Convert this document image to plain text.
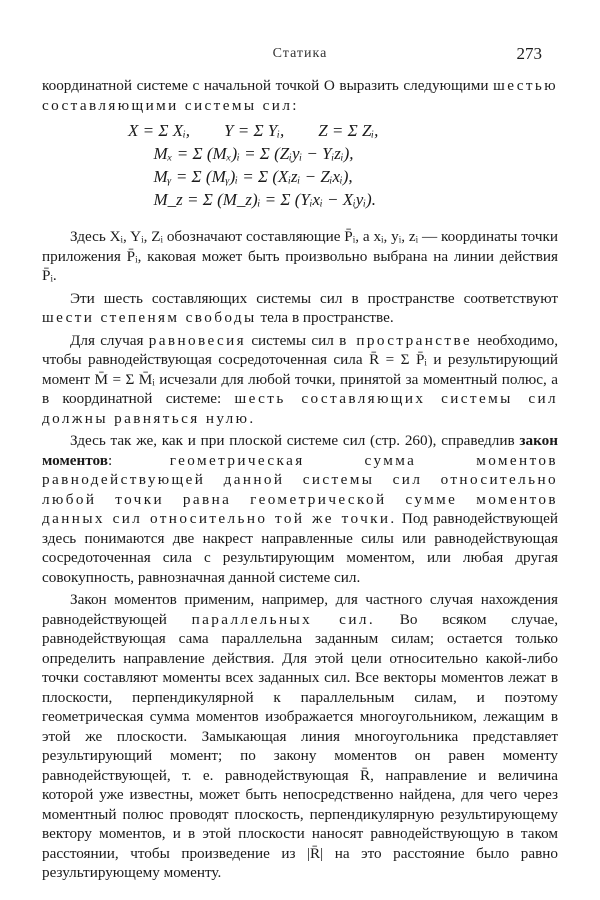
Статика	273

координатной системе с начальной точкой O выразить следующими шестью составляющими системы сил:

X = Σ Xᵢ,        Y = Σ Yᵢ,        Z = Σ Zᵢ,
Mₓ = Σ (Mₓ)ᵢ = Σ (Zᵢyᵢ − Yᵢzᵢ),
Mᵧ = Σ (Mᵧ)ᵢ = Σ (Xᵢzᵢ − Zᵢxᵢ),
M_z = Σ (M_z)ᵢ = Σ (Yᵢxᵢ − Xᵢyᵢ).

Здесь Xᵢ, Yᵢ, Zᵢ обозначают составляющие P̄ᵢ, а xᵢ, yᵢ, zᵢ — координаты точки приложения P̄ᵢ, каковая может быть произвольно выбрана на линии действия P̄ᵢ.

Эти шесть составляющих системы сил в пространстве соответствуют шести степеням свободы тела в пространстве.

Для случая равновесия системы сил в пространстве необходимо, чтобы равнодействующая сосредоточенная сила R̄ = Σ P̄ᵢ и результирующий момент M̄ = Σ M̄ᵢ исчезали для любой точки, принятой за моментный полюс, а в координатной системе: шесть составляющих системы сил должны равняться нулю.

Здесь так же, как и при плоской системе сил (стр. 260), справедлив закон моментов: геометрическая сумма моментов равнодействующей данной системы сил относительно любой точки равна геометрической сумме моментов данных сил относительно той же точки. Под равнодействующей здесь понимаются две накрест направленные силы или равнодействующая сосредоточенная сила с результирующим моментом, или любая другая совокупность, равнозначная данной системе сил.

Закон моментов применим, например, для частного случая нахождения равнодействующей параллельных сил. Во всяком случае, равнодействующая сама параллельна заданным силам; остается только определить направление действия. Для этой цели относительно какой-либо точки составляют моменты всех заданных сил. Все векторы моментов лежат в плоскости, перпендикулярной к параллельным силам, и поэтому геометрическая сумма моментов изображается многоугольником, лежащим в этой же плоскости. Замыкающая линия многоугольника представляет результирующий момент; по закону моментов он равен моменту равнодействующей, т. е. равнодействующая R̄, направление и величина которой уже известны, может быть непосредственно найдена, для чего через моментный полюс проводят плоскость, перпендикулярную результирующему вектору моментов, и в этой плоскости наносят равнодействующую в таком расстоянии, чтобы произведение из |R̄| на это расстояние было равно результирующему моменту.
